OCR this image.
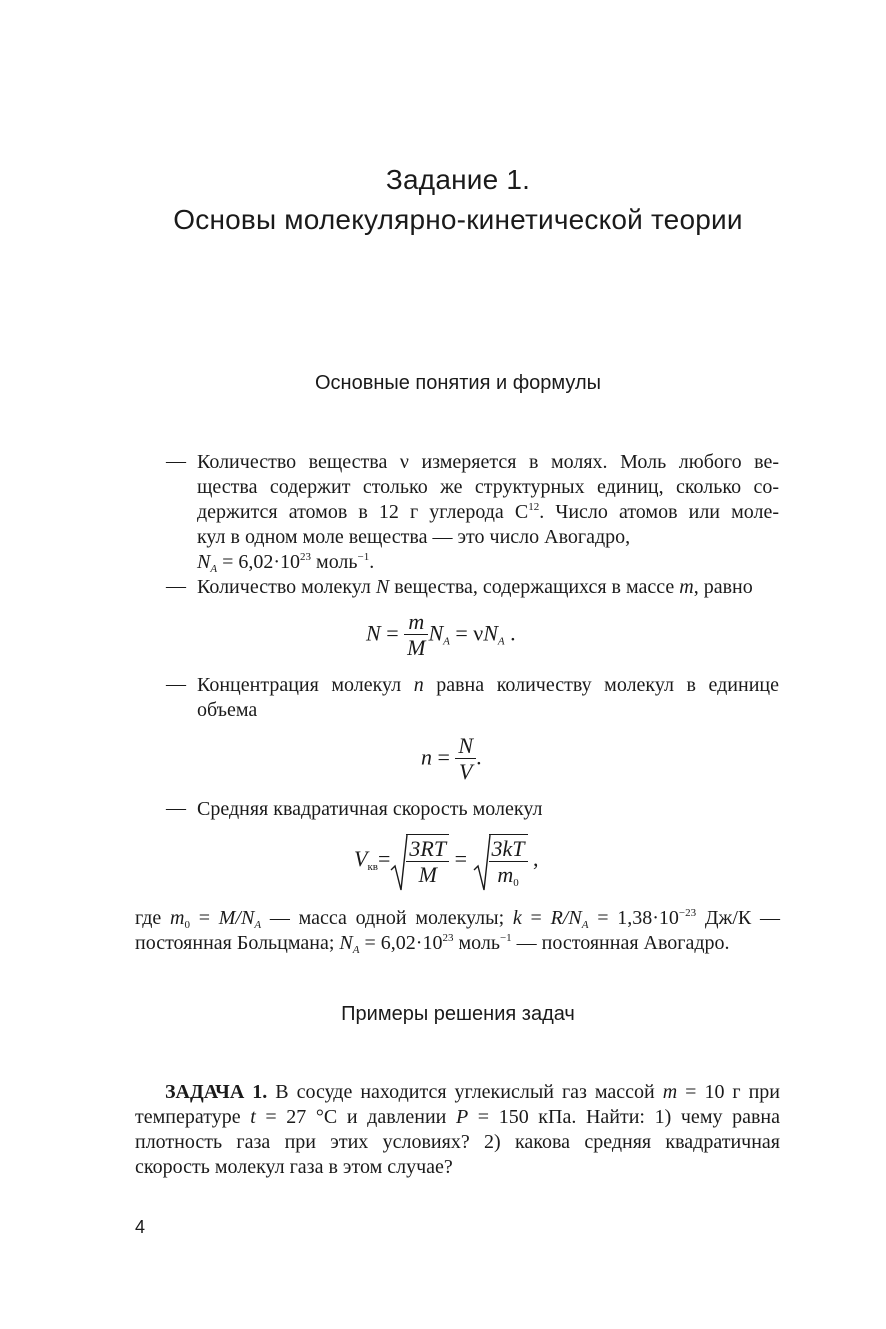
Задание 1.
Основы молекулярно-кинетической теории
Основные понятия и формулы
— Количество вещества ν измеряется в молях. Моль любого ве-
щества содержит столько же структурных единиц, сколько со-
держится атомов в 12 г углерода $C^{12}$. Число атомов или моле-
кул в одном моле вещества — это число Авогадро,
$N_A = 6,02\cdot 10^{23}$ моль$^{-1}$.
— Количество молекул N вещества, содержащихся в массе m, равно
$N = \frac{m}{M} N_A = \nu N_A$ .
— Концентрация молекул n равна количеству молекул в единице
объема
$n = \frac{N}{V}$ .
— Средняя квадратичная скорость молекул
$V_{кв}= \frac{3RT}{M} = \frac{3kT}{m_0}$ ,
где $m_0 = M/N_A$ — масса одной молекулы; $k = R/N_A = 1,38\cdot 10^{-23}$ Дж/К —
постоянная Больцмана; $N_A = 6,02\cdot 10^{23}$ моль$^{-1}$ — постоянная Авогадро.
Примеры решения задач
ЗАДАЧА 1. В сосуде находится углекислый газ массой m = 10 г при
температуре t = 27 °С и давлении P = 150 кПа. Найти: 1) чему равна
плотность газа при этих условиях? 2) какова средняя квадратичная
скорость молекул газа в этом случае?
4
